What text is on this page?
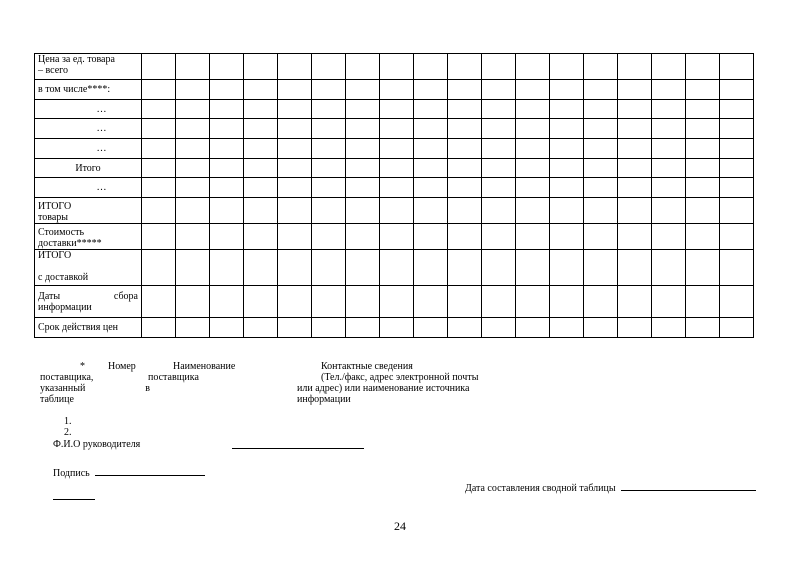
Цена за ед. товара
– всего																		

в том числе****:																		

…																		

…																		

…																		

Итого																		

…																		

ИТОГО
товары																		

Стоимость
доставки*****																		

ИТОГО

с доставкой																		

Даты сбора
информации																		

Срок действия цен																		

* Номер
поставщика,
указанный	в
таблице
Наименование
поставщика
Контактные сведения
(Тел./факс, адрес электронной почты
или адрес) или наименование источника
информации
1.
2.
Ф.И.О руководителя
Подпись
Дата составления сводной таблицы
24
